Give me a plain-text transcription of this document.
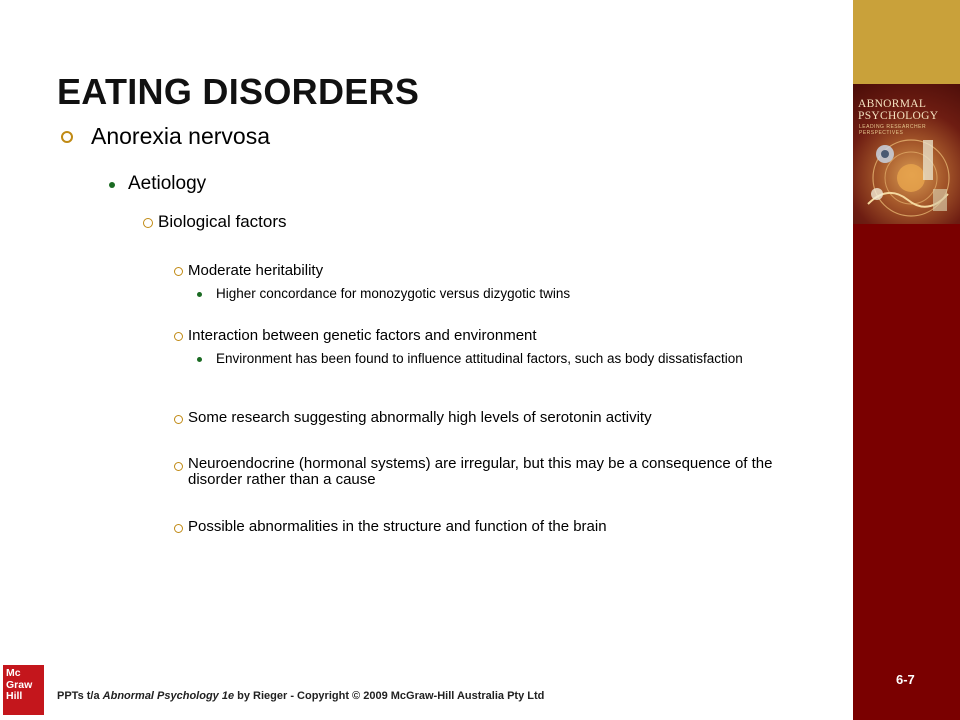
ABNORMAL
PSYCHOLOGY
LEADING RESEARCHER PERSPECTIVES
6-7
EATING DISORDERS
Anorexia nervosa
Aetiology
Biological factors
Moderate heritability
Higher concordance for monozygotic versus dizygotic twins
Interaction between genetic factors and environment
Environment has been found to influence attitudinal factors, such as body dissatisfaction
Some research suggesting abnormally high levels of serotonin activity
Neuroendocrine (hormonal systems) are irregular, but this may be a consequence of the disorder rather than a cause
Possible abnormalities in the structure and function of the brain
Mc
Graw
Hill	PPTs t/a Abnormal Psychology 1e by Rieger - Copyright © 2009 McGraw-Hill Australia Pty Ltd
